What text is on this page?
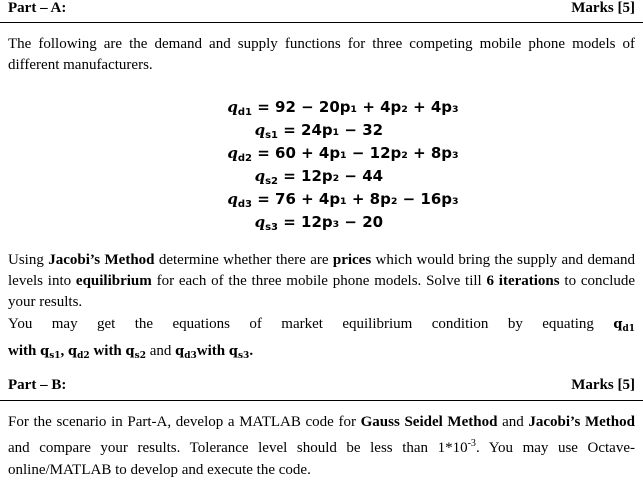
Part – A:	Marks [5]
The following are the demand and supply functions for three competing mobile phone models of different manufacturers.
$q_{d1} = 92 - 20p_1 + 4p_2 + 4p_3$
$q_{s1} = 24p_1 - 32$
$q_{d2} = 60 + 4p_1 - 12p_2 + 8p_3$
$q_{s2} = 12p_2 - 44$
$q_{d3} = 76 + 4p_1 + 8p_2 - 16p_3$
$q_{s3} = 12p_3 - 20$
Using Jacobi’s Method determine whether there are prices which would bring the supply and demand levels into equilibrium for each of the three mobile phone models. Solve till 6 iterations to conclude your results.
You may get the equations of market equilibrium condition by equating $q_{d1}$
with $q_{s1}$, $q_{d2}$ with $q_{s2}$ and $q_{d3}with$ $q_{s3}$.
Part – B:	Marks [5]
For the scenario in Part-A, develop a MATLAB code for Gauss Seidel Method and Jacobi’s Method and compare your results. Tolerance level should be less than $1*10^{-3}$. You may use Octave-online/MATLAB to develop and execute the code.
